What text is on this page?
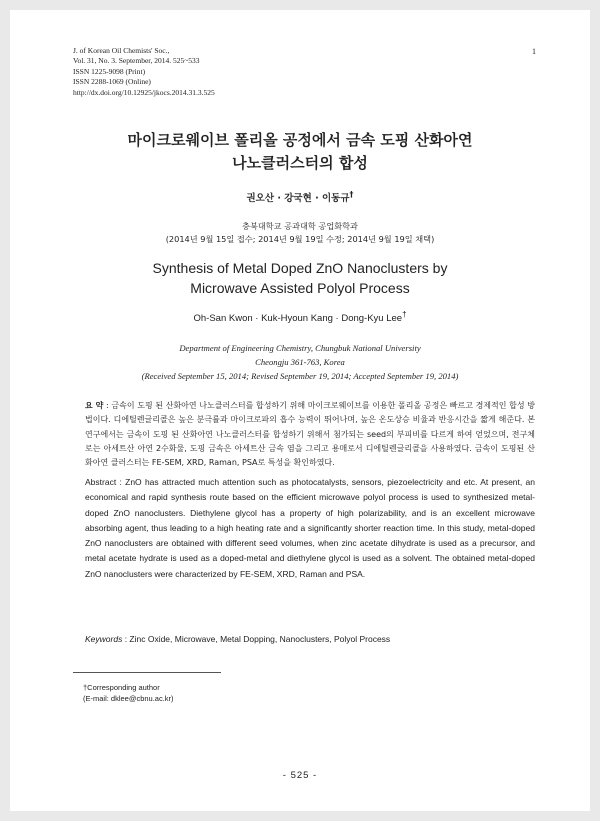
J. of Korean Oil Chemists' Soc.,
Vol. 31, No. 3. September, 2014. 525~533
ISSN 1225-9098 (Print)
ISSN 2288-1069 (Online)
http://dx.doi.org/10.12925/jkocs.2014.31.3.525
1
마이크로웨이브 폴리올 공정에서 금속 도핑 산화아연
나노클러스터의 합성
권오산 · 강국현 · 이동규†
충북대학교 공과대학 공업화학과
(2014년 9월 15일 접수; 2014년 9월 19일 수정; 2014년 9월 19일 채택)
Synthesis of Metal Doped ZnO Nanoclusters by
Microwave Assisted Polyol Process
Oh-San Kwon · Kuk-Hyoun Kang · Dong-Kyu Lee†
Department of Engineering Chemistry, Chungbuk National University
Cheongju 361-763, Korea
(Received September 15, 2014; Revised September 19, 2014; Accepted September 19, 2014)
요 약 : 금속이 도핑 된 산화아연 나노클러스터를 합성하기 위해 마이크로웨이브를 이용한 폴리올 공정은 빠르고 경제적인 합성 방법이다. 디에틸렌글리콜은 높은 분극률과 마이크로파의 흡수 능력이 뛰어나며, 높은 온도상승 비율과 반응시간을 짧게 해준다. 본 연구에서는 금속이 도핑 된 산화아연 나노클러스터를 합성하기 위해서 첨가되는 seed의 부피비를 다르게 하여 얻었으며, 전구체로는 아세트산 아연 2수화물, 도핑 금속은 아세트산 금속 염을 그리고 용매로서 디에틸렌글리콜을 사용하였다. 금속이 도핑된 산화아연 클러스터는 FE-SEM, XRD, Raman, PSA로 특성을 확인하였다.
Abstract : ZnO has attracted much attention such as photocatalysts, sensors, piezoelectricity and etc. At present, an economical and rapid synthesis route based on the efficient microwave polyol process is used to synthesized metal-doped ZnO nanoclusters. Diethylene glycol has a property of high polarizability, and is an excellent microwave absorbing agent, thus leading to a high heating rate and a significantly shorter reaction time. In this study, metal-doped ZnO nanoclusters are obtained with different seed volumes, when zinc acetate dihydrate is used as a precursor, and metal acetate hydrate is used as a doped-metal and diethylene glycol is used as a solvent. The obtained metal-doped ZnO nanoclusters were characterized by FE-SEM, XRD, Raman and PSA.
Keywords : Zinc Oxide, Microwave, Metal Dopping, Nanoclusters, Polyol Process
†Corresponding author
(E-mail: dklee@cbnu.ac.kr)
- 525 -
